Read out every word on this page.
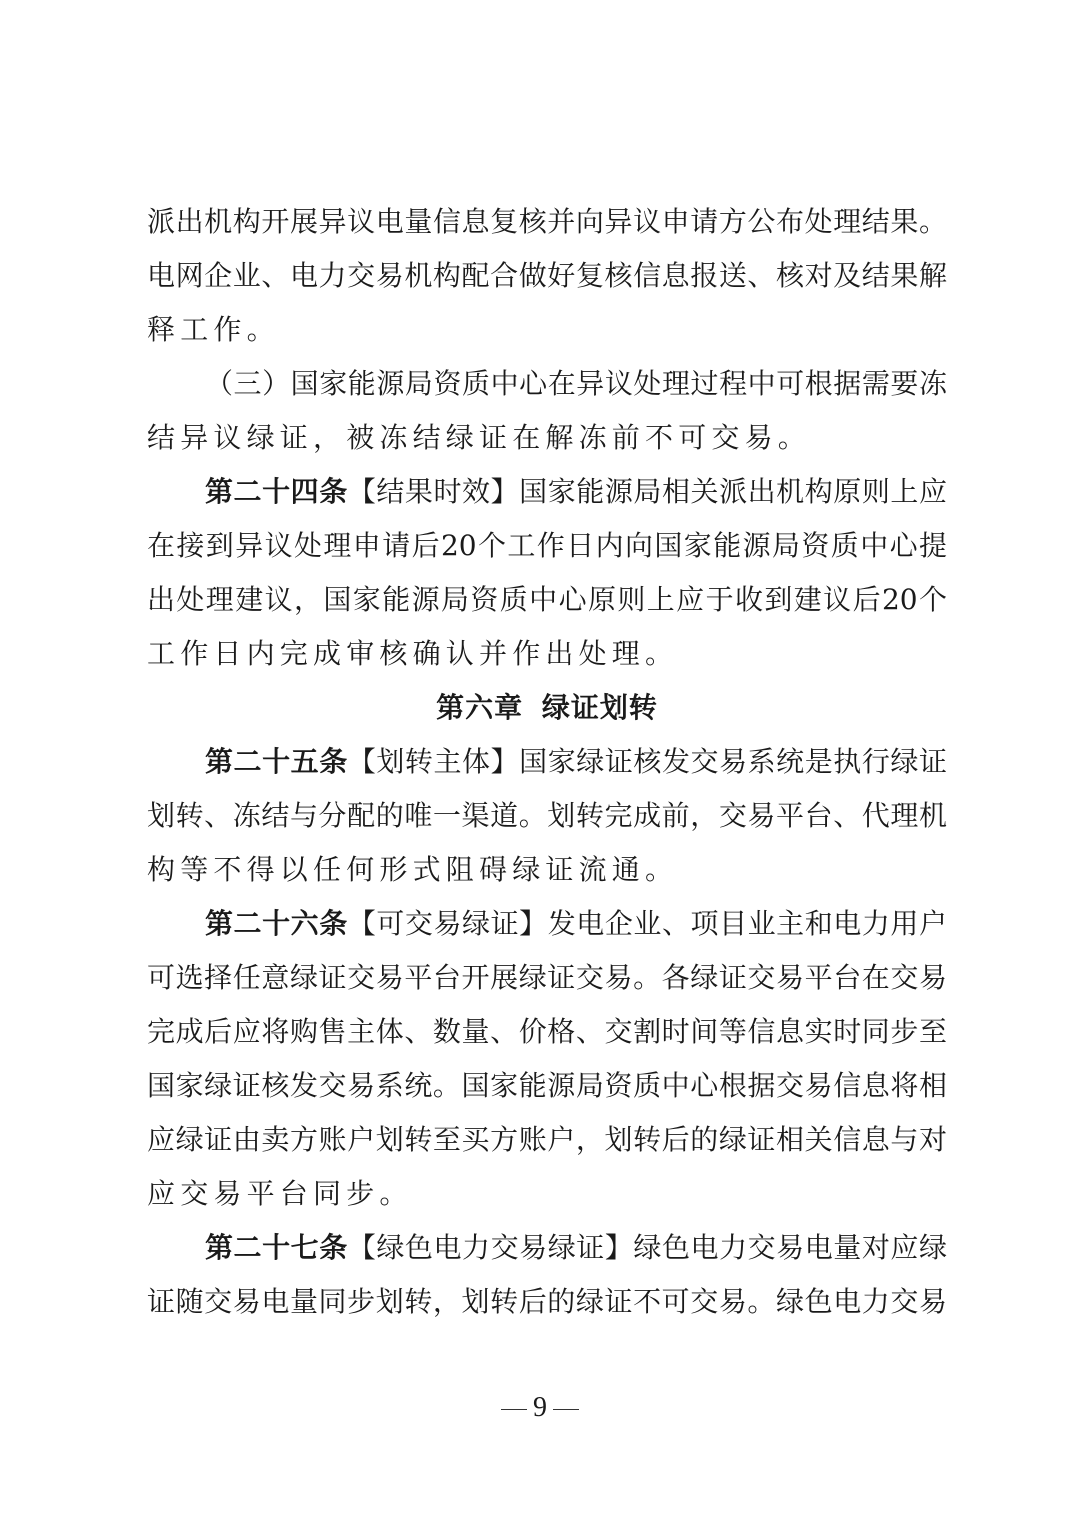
派出机构开展异议电量信息复核并向异议申请方公布处理结果。
电网企业、电力交易机构配合做好复核信息报送、核对及结果解
释工作。
（三）国家能源局资质中心在异议处理过程中可根据需要冻
结异议绿证，被冻结绿证在解冻前不可交易。
第二十四条【结果时效】国家能源局相关派出机构原则上应
在接到异议处理申请后20个工作日内向国家能源局资质中心提
出处理建议，国家能源局资质中心原则上应于收到建议后20个
工作日内完成审核确认并作出处理。
第六章 绿证划转
第二十五条【划转主体】国家绿证核发交易系统是执行绿证
划转、冻结与分配的唯一渠道。划转完成前，交易平台、代理机
构等不得以任何形式阻碍绿证流通。
第二十六条【可交易绿证】发电企业、项目业主和电力用户
可选择任意绿证交易平台开展绿证交易。各绿证交易平台在交易
完成后应将购售主体、数量、价格、交割时间等信息实时同步至
国家绿证核发交易系统。国家能源局资质中心根据交易信息将相
应绿证由卖方账户划转至买方账户，划转后的绿证相关信息与对
应交易平台同步。
第二十七条【绿色电力交易绿证】绿色电力交易电量对应绿
证随交易电量同步划转，划转后的绿证不可交易。绿色电力交易
9
